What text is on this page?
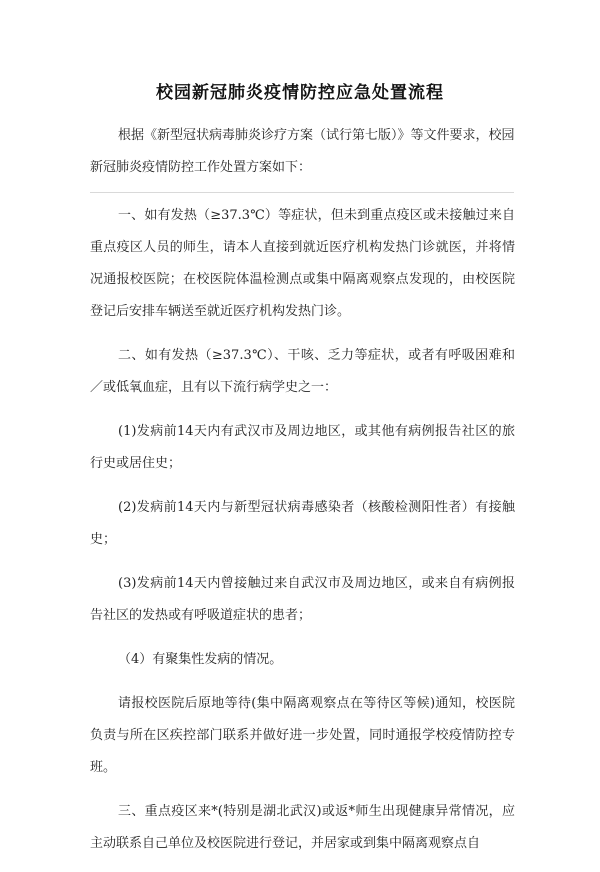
校园新冠肺炎疫情防控应急处置流程

根据《新型冠状病毒肺炎诊疗方案（试行第七版）》等文件要求，校园新冠肺炎疫情防控工作处置方案如下：

一、如有发热（≥37.3℃）等症状，但未到重点疫区或未接触过来自重点疫区人员的师生，请本人直接到就近医疗机构发热门诊就医，并将情况通报校医院；在校医院体温检测点或集中隔离观察点发现的，由校医院登记后安排车辆送至就近医疗机构发热门诊。

二、如有发热（≥37.3℃）、干咳、乏力等症状，或者有呼吸困难和／或低氧血症，且有以下流行病学史之一：

(1)发病前14天内有武汉市及周边地区，或其他有病例报告社区的旅行史或居住史；

(2)发病前14天内与新型冠状病毒感染者（核酸检测阳性者）有接触史；

(3)发病前14天内曾接触过来自武汉市及周边地区，或来自有病例报告社区的发热或有呼吸道症状的患者；

（4）有聚集性发病的情况。

请报校医院后原地等待(集中隔离观察点在等待区等候)通知，校医院负责与所在区疾控部门联系并做好进一步处置，同时通报学校疫情防控专班。

三、重点疫区来*(特别是湖北武汉)或返*师生出现健康异常情况，应主动联系自己单位及校医院进行登记，并居家或到集中隔离观察点自
